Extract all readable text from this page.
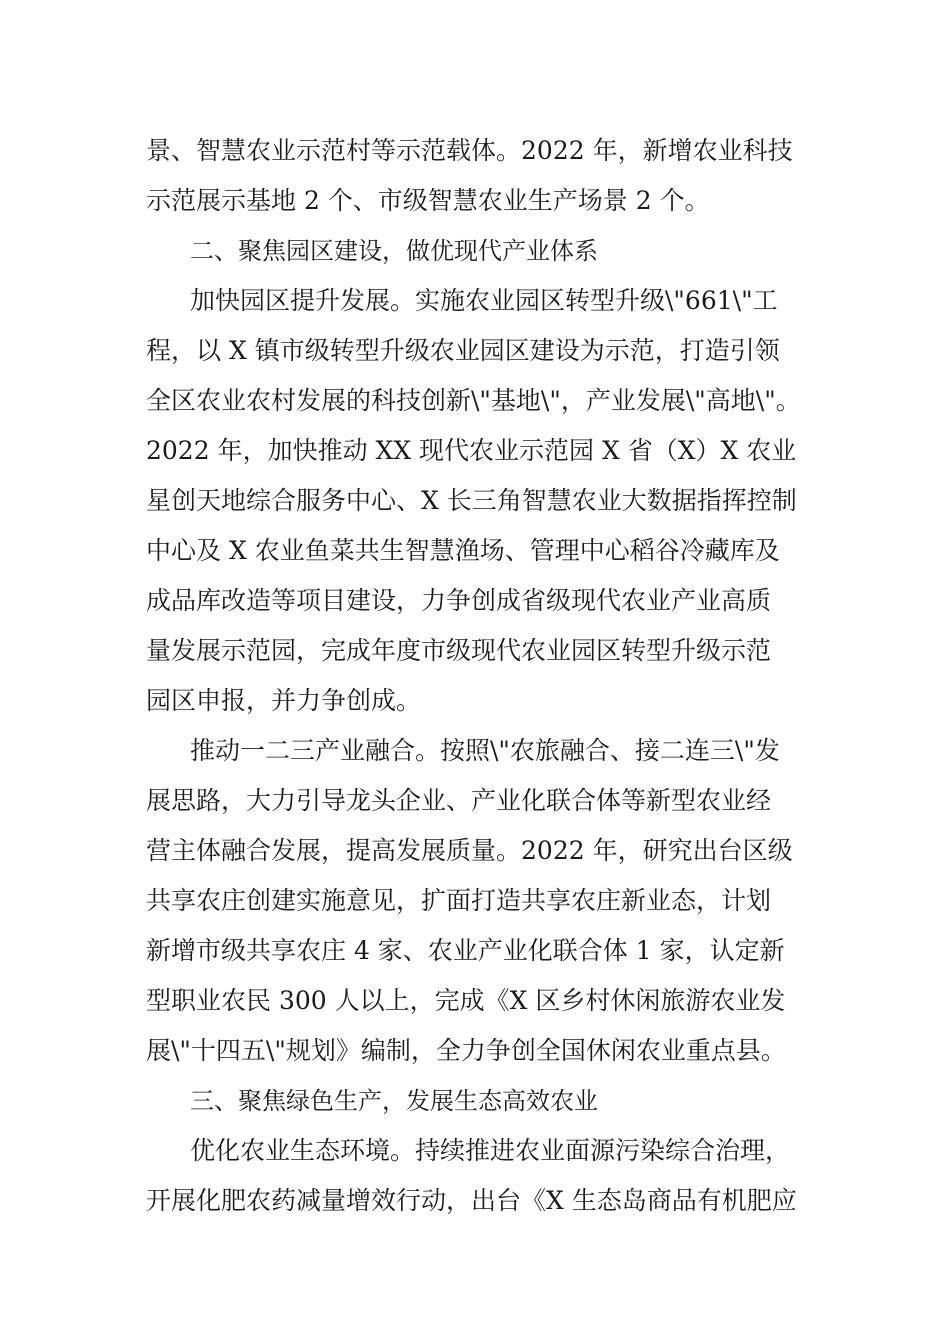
景、智慧农业示范村等示范载体。2022 年，新增农业科技
示范展示基地 2 个、市级智慧农业生产场景 2 个。
二、聚焦园区建设，做优现代产业体系
加快园区提升发展。实施农业园区转型升级\"661\"工
程，以 X 镇市级转型升级农业园区建设为示范，打造引领
全区农业农村发展的科技创新\"基地\"，产业发展\"高地\"。
2022 年，加快推动 XX 现代农业示范园 X 省（X）X 农业
星创天地综合服务中心、X 长三角智慧农业大数据指挥控制
中心及 X 农业鱼菜共生智慧渔场、管理中心稻谷冷藏库及
成品库改造等项目建设，力争创成省级现代农业产业高质
量发展示范园，完成年度市级现代农业园区转型升级示范
园区申报，并力争创成。
推动一二三产业融合。按照\"农旅融合、接二连三\"发
展思路，大力引导龙头企业、产业化联合体等新型农业经
营主体融合发展，提高发展质量。2022 年，研究出台区级
共享农庄创建实施意见，扩面打造共享农庄新业态，计划
新增市级共享农庄 4 家、农业产业化联合体 1 家，认定新
型职业农民 300 人以上，完成《X 区乡村休闲旅游农业发
展\"十四五\"规划》编制，全力争创全国休闲农业重点县。
三、聚焦绿色生产，发展生态高效农业
优化农业生态环境。持续推进农业面源污染综合治理，
开展化肥农药减量增效行动，出台《X 生态岛商品有机肥应
